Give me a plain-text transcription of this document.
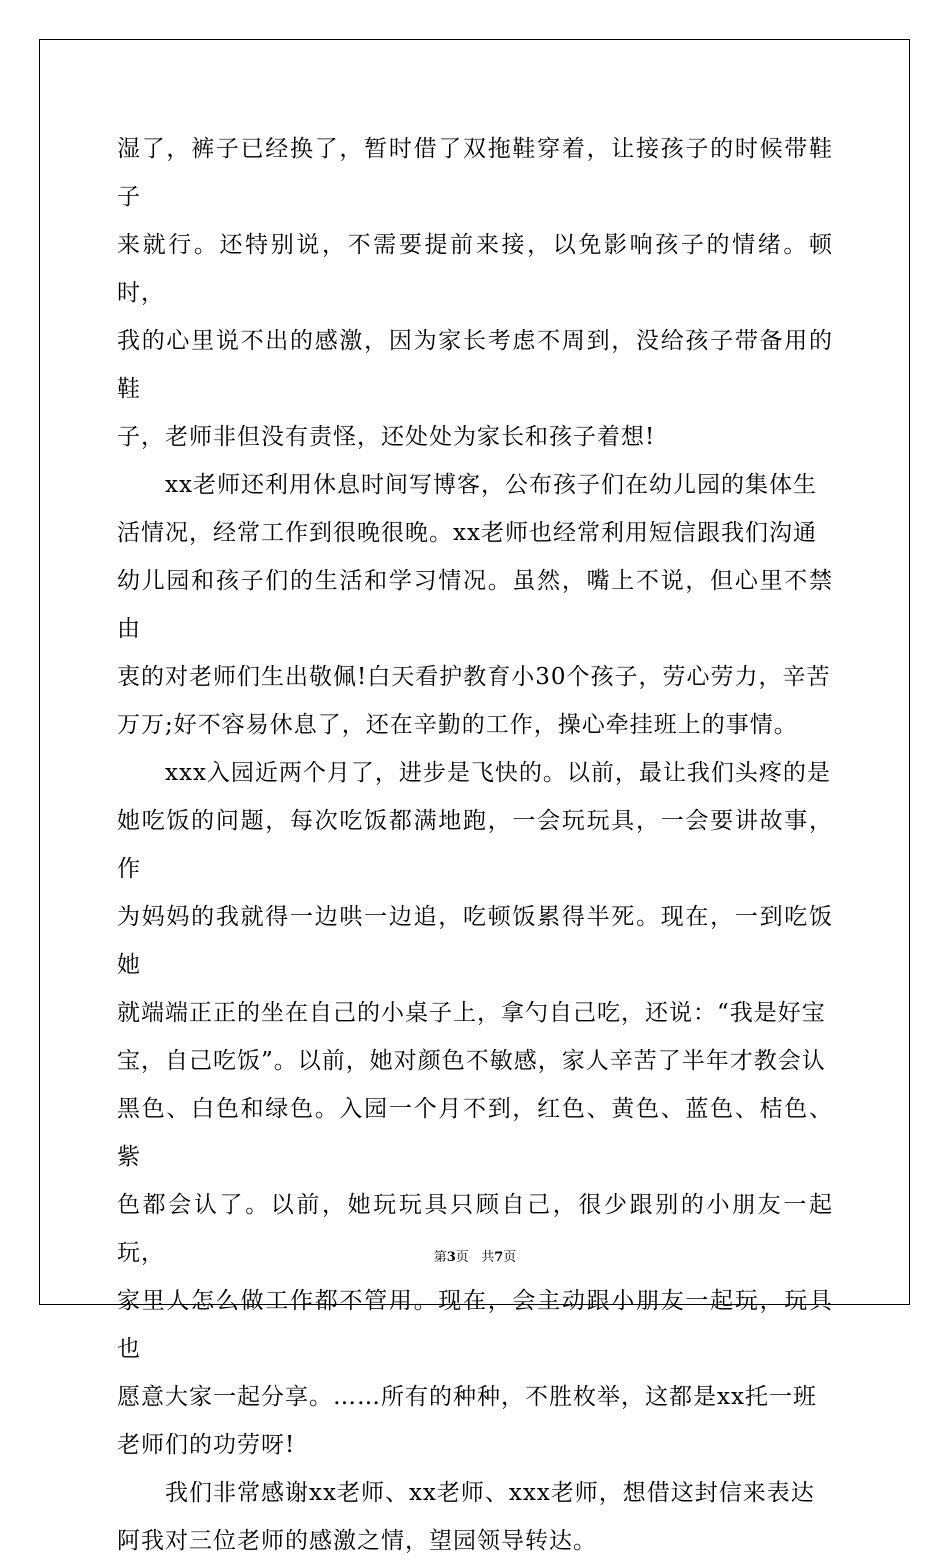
湿了，裤子已经换了，暂时借了双拖鞋穿着，让接孩子的时候带鞋子
来就行。还特别说，不需要提前来接，以免影响孩子的情绪。顿时，
我的心里说不出的感激，因为家长考虑不周到，没给孩子带备用的鞋
子，老师非但没有责怪，还处处为家长和孩子着想!

　　xx老师还利用休息时间写博客，公布孩子们在幼儿园的集体生
活情况，经常工作到很晚很晚。xx老师也经常利用短信跟我们沟通
幼儿园和孩子们的生活和学习情况。虽然，嘴上不说，但心里不禁由
衷的对老师们生出敬佩!白天看护教育小30个孩子，劳心劳力，辛苦
万万;好不容易休息了，还在辛勤的工作，操心牵挂班上的事情。

　　xxx入园近两个月了，进步是飞快的。以前，最让我们头疼的是
她吃饭的问题，每次吃饭都满地跑，一会玩玩具，一会要讲故事，作
为妈妈的我就得一边哄一边追，吃顿饭累得半死。现在，一到吃饭她
就端端正正的坐在自己的小桌子上，拿勺自己吃，还说：“我是好宝
宝，自己吃饭”。以前，她对颜色不敏感，家人辛苦了半年才教会认
黑色、白色和绿色。入园一个月不到，红色、黄色、蓝色、桔色、紫
色都会认了。以前，她玩玩具只顾自己，很少跟别的小朋友一起玩，
家里人怎么做工作都不管用。现在，会主动跟小朋友一起玩，玩具也
愿意大家一起分享。……所有的种种，不胜枚举，这都是xx托一班
老师们的功劳呀!

　　我们非常感谢xx老师、xx老师、xxx老师，想借这封信来表达
阿我对三位老师的感激之情，望园领导转达。

第3页 共7页
